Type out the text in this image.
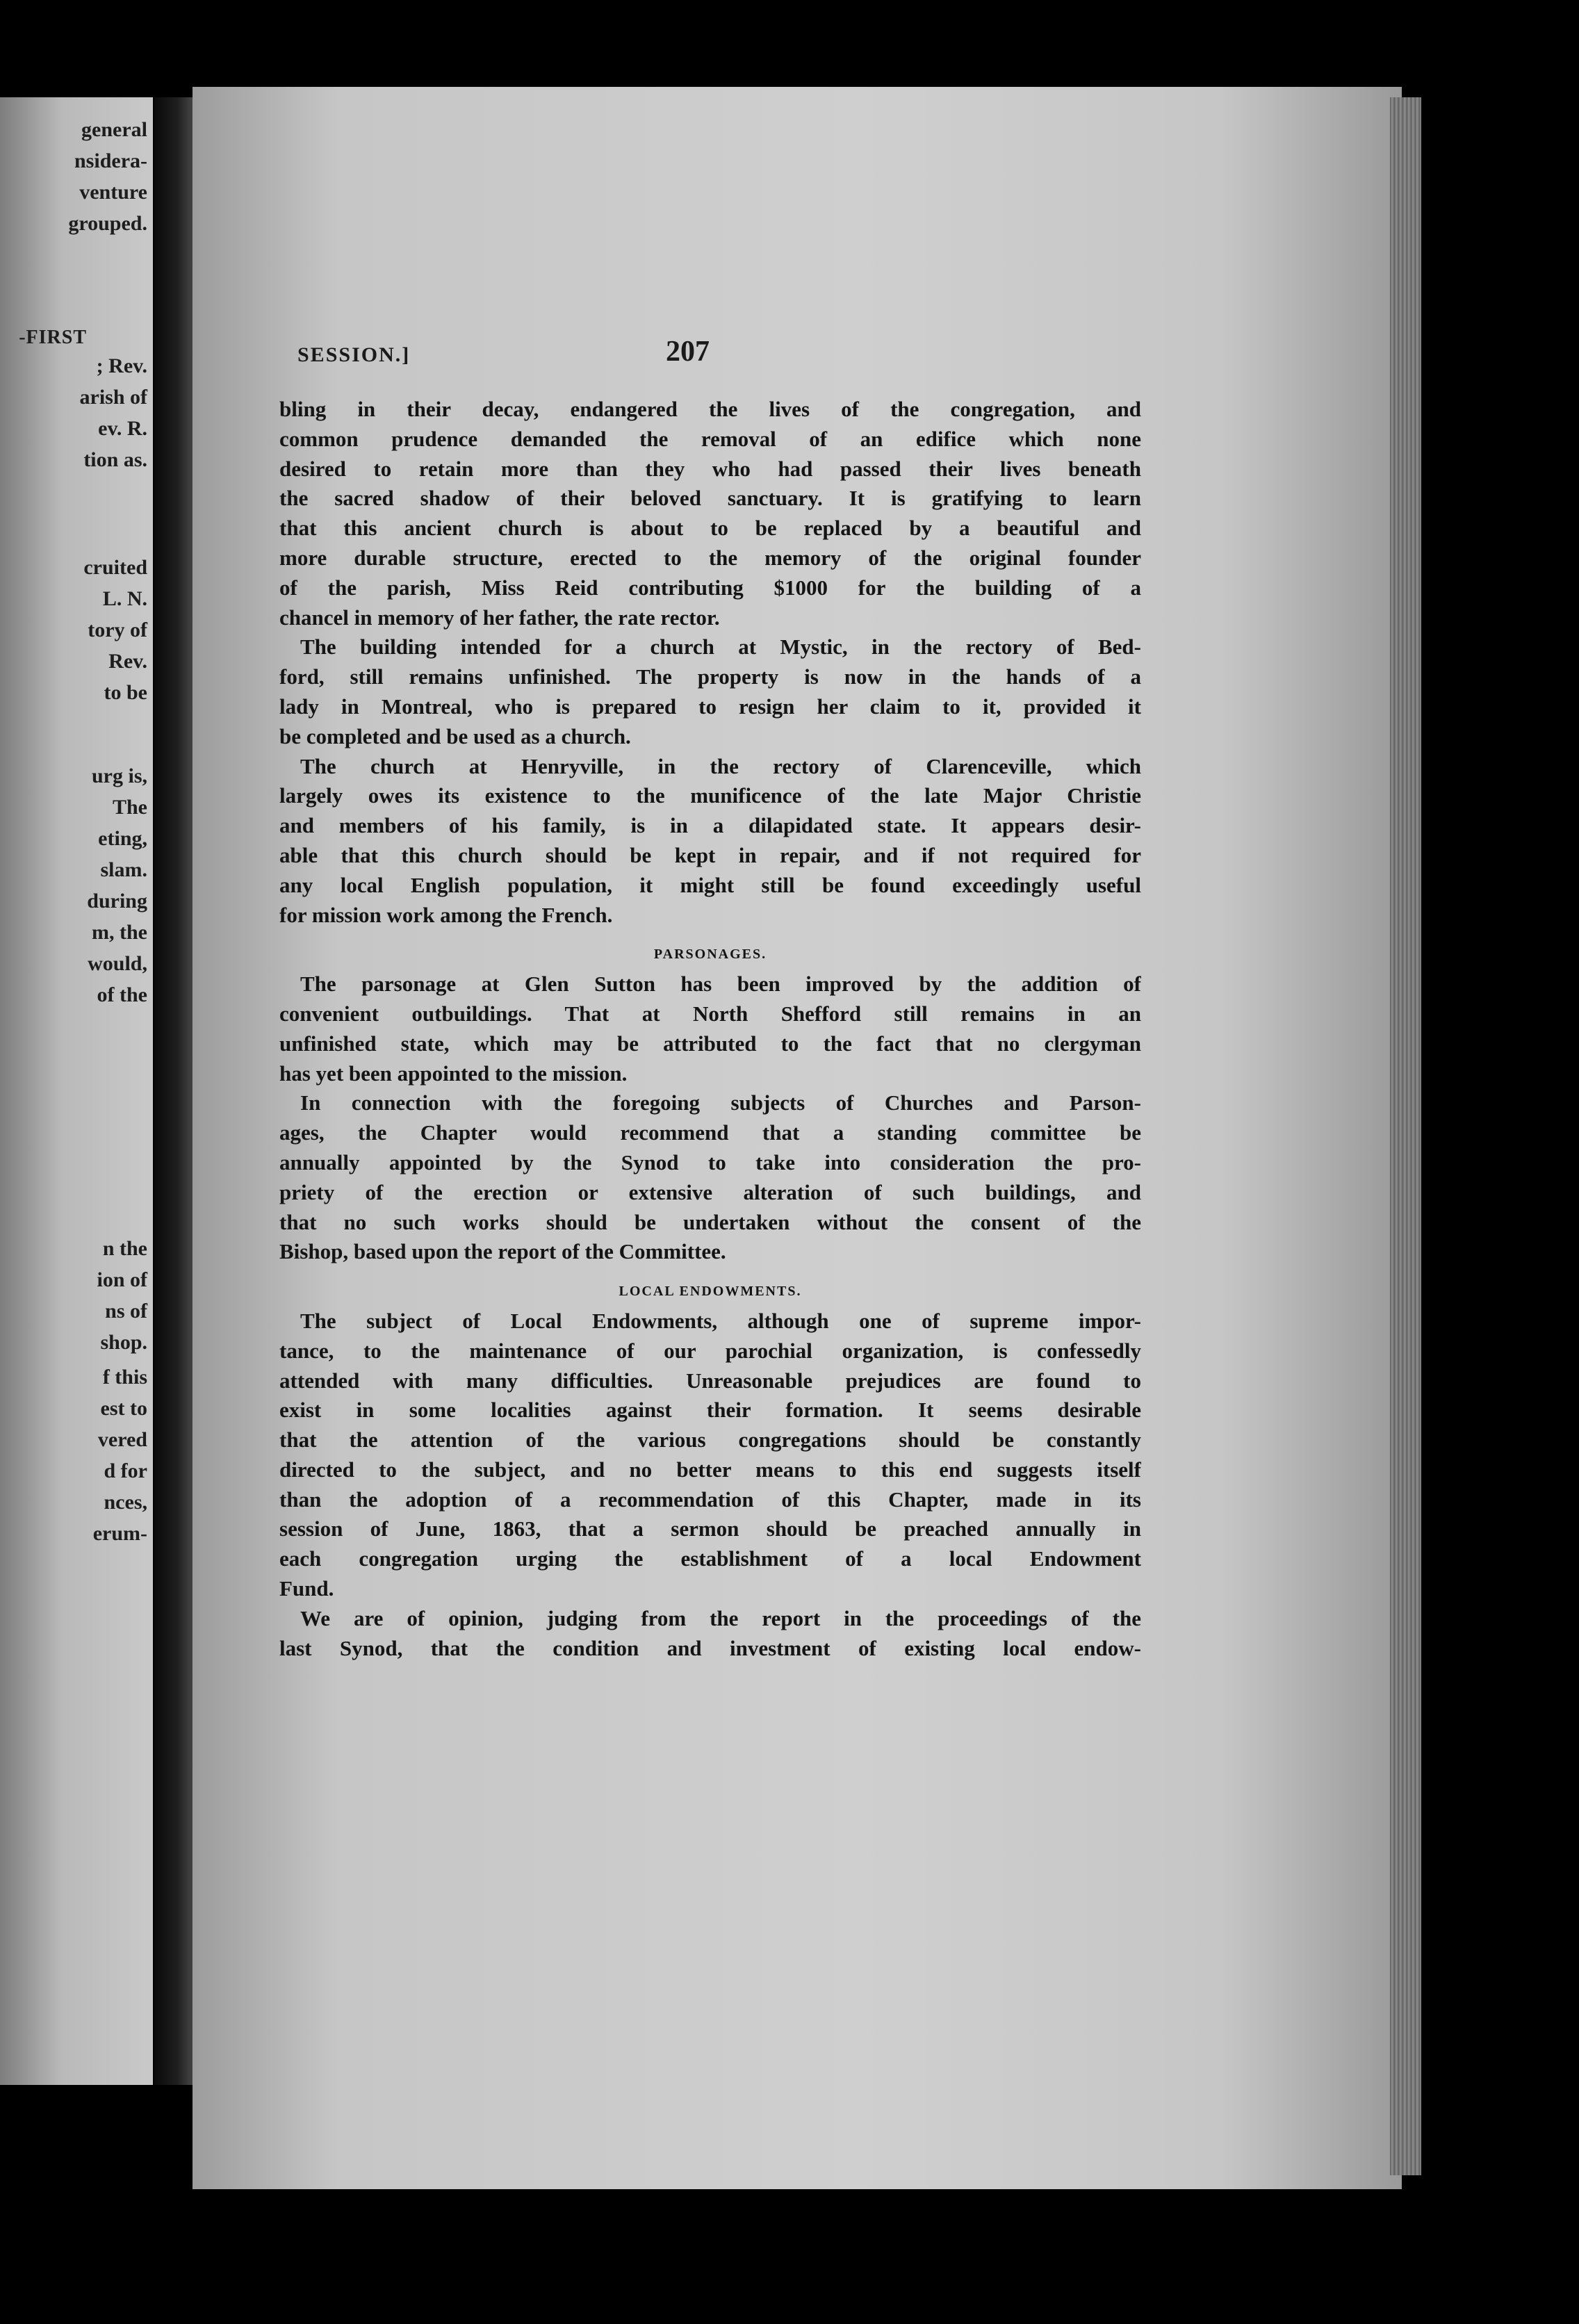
-FIRST
general
nsidera-
venture
grouped.
; Rev.
arish of
ev. R.
tion as.
cruited
L. N.
tory of
Rev.
to be
urg is,
The
eting,
slam.
during
m, the
would,
of the
n the
ion of
ns of
shop.
f this
est to
vered
d for
nces,
erum-
SESSION.]	207
bling in their decay, endangered the lives of the congregation, and
common prudence demanded the removal of an edifice which none
desired to retain more than they who had passed their lives beneath
the sacred shadow of their beloved sanctuary. It is gratifying to learn
that this ancient church is about to be replaced by a beautiful and
more durable structure, erected to the memory of the original founder
of the parish, Miss Reid contributing $1000 for the building of a
chancel in memory of her father, the rate rector.
The building intended for a church at Mystic, in the rectory of Bed-
ford, still remains unfinished. The property is now in the hands of a
lady in Montreal, who is prepared to resign her claim to it, provided it
be completed and be used as a church.
The church at Henryville, in the rectory of Clarenceville, which
largely owes its existence to the munificence of the late Major Christie
and members of his family, is in a dilapidated state. It appears desir-
able that this church should be kept in repair, and if not required for
any local English population, it might still be found exceedingly useful
for mission work among the French.
PARSONAGES.
The parsonage at Glen Sutton has been improved by the addition of
convenient outbuildings. That at North Shefford still remains in an
unfinished state, which may be attributed to the fact that no clergyman
has yet been appointed to the mission.
In connection with the foregoing subjects of Churches and Parson-
ages, the Chapter would recommend that a standing committee be
annually appointed by the Synod to take into consideration the pro-
priety of the erection or extensive alteration of such buildings, and
that no such works should be undertaken without the consent of the
Bishop, based upon the report of the Committee.
LOCAL ENDOWMENTS.
The subject of Local Endowments, although one of supreme impor-
tance, to the maintenance of our parochial organization, is confessedly
attended with many difficulties. Unreasonable prejudices are found to
exist in some localities against their formation. It seems desirable
that the attention of the various congregations should be constantly
directed to the subject, and no better means to this end suggests itself
than the adoption of a recommendation of this Chapter, made in its
session of June, 1863, that a sermon should be preached annually in
each congregation urging the establishment of a local Endowment
Fund.
We are of opinion, judging from the report in the proceedings of the
last Synod, that the condition and investment of existing local endow-
